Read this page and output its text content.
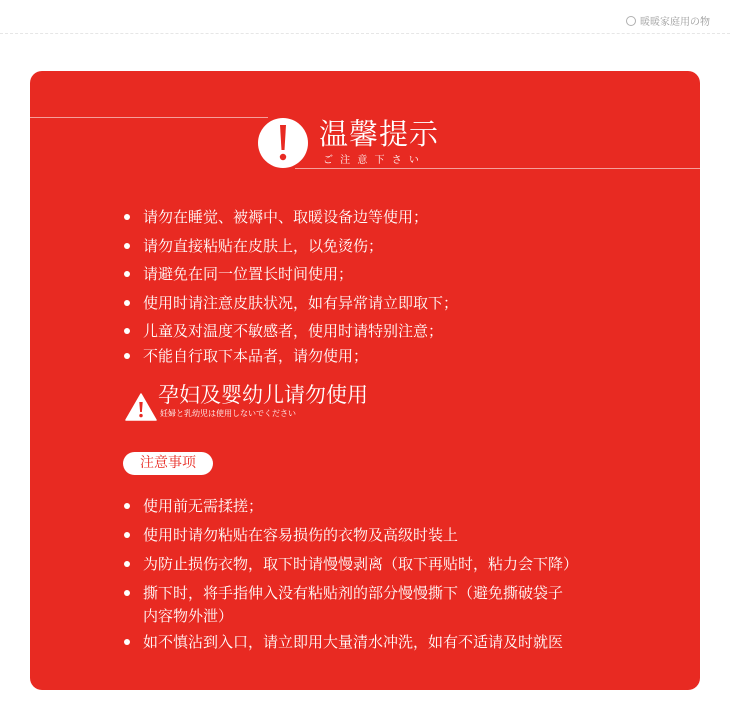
暖暖家庭用の物
温馨提示
ご 注 意 下 さ い
请勿在睡觉、被褥中、取暖设备边等使用；
请勿直接粘贴在皮肤上，以免烫伤；
请避免在同一位置长时间使用；
使用时请注意皮肤状况，如有异常请立即取下；
儿童及对温度不敏感者，使用时请特别注意；
不能自行取下本品者，请勿使用；
孕妇及婴幼儿请勿使用
妊婦と乳幼児は使用しないでください
注意事项
使用前无需揉搓；
使用时请勿粘贴在容易损伤的衣物及高级时装上
为防止损伤衣物，取下时请慢慢剥离（取下再贴时，粘力会下降）
撕下时，将手指伸入没有粘贴剂的部分慢慢撕下（避免撕破袋子
内容物外泄）
如不慎沾到入口，请立即用大量清水冲洗，如有不适请及时就医
